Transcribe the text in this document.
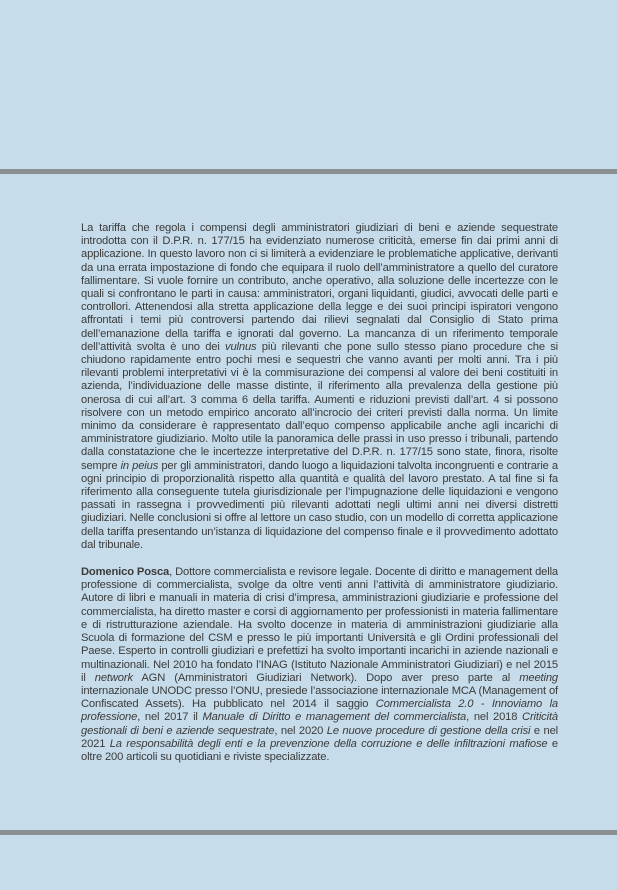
La tariffa che regola i compensi degli amministratori giudiziari di beni e aziende sequestrate introdotta con il D.P.R. n. 177/15 ha evidenziato numerose criticità, emerse fin dai primi anni di applicazione. In questo lavoro non ci si limiterà a evidenziare le problematiche applicative, derivanti da una errata impostazione di fondo che equipara il ruolo dell’amministratore a quello del curatore fallimentare. Si vuole fornire un contributo, anche operativo, alla soluzione delle incertezze con le quali si confrontano le parti in causa: amministratori, organi liquidanti, giudici, avvocati delle parti e controllori. Attenendosi alla stretta applicazione della legge e dei suoi principi ispiratori vengono affrontati i temi più controversi partendo dai rilievi segnalati dal Consiglio di Stato prima dell’emanazione della tariffa e ignorati dal governo. La mancanza di un riferimento temporale dell’attività svolta è uno dei vulnus più rilevanti che pone sullo stesso piano procedure che si chiudono rapidamente entro pochi mesi e sequestri che vanno avanti per molti anni. Tra i più rilevanti problemi interpretativi vi è la commisurazione dei compensi al valore dei beni costituiti in azienda, l’individuazione delle masse distinte, il riferimento alla prevalenza della gestione più onerosa di cui all’art. 3 comma 6 della tariffa. Aumenti e riduzioni previsti dall’art. 4 si possono risolvere con un metodo empirico ancorato all’incrocio dei criteri previsti dalla norma. Un limite minimo da considerare è rappresentato dall’equo compenso applicabile anche agli incarichi di amministratore giudiziario. Molto utile la panoramica delle prassi in uso presso i tribunali, partendo dalla constatazione che le incertezze interpretative del D.P.R. n. 177/15 sono state, finora, risolte sempre in peius per gli amministratori, dando luogo a liquidazioni talvolta incongruenti e contrarie a ogni principio di proporzionalità rispetto alla quantità e qualità del lavoro prestato. A tal fine si fa riferimento alla conseguente tutela giurisdizionale per l’impugnazione delle liquidazioni e vengono passati in rassegna i provvedimenti più rilevanti adottati negli ultimi anni nei diversi distretti giudiziari. Nelle conclusioni si offre al lettore un caso studio, con un modello di corretta applicazione della tariffa presentando un’istanza di liquidazione del compenso finale e il provvedimento adottato dal tribunale.

Domenico Posca, Dottore commercialista e revisore legale. Docente di diritto e management della professione di commercialista, svolge da oltre venti anni l’attività di amministratore giudiziario. Autore di libri e manuali in materia di crisi d’impresa, amministrazioni giudiziarie e professione del commercialista, ha diretto master e corsi di aggiornamento per professionisti in materia fallimentare e di ristrutturazione aziendale. Ha svolto docenze in materia di amministrazioni giudiziarie alla Scuola di formazione del CSM e presso le più importanti Università e gli Ordini professionali del Paese. Esperto in controlli giudiziari e prefettizi ha svolto importanti incarichi in aziende nazionali e multinazionali. Nel 2010 ha fondato l’INAG (Istituto Nazionale Amministratori Giudiziari) e nel 2015 il network AGN (Amministratori Giudiziari Network). Dopo aver preso parte al meeting internazionale UNODC presso l’ONU, presiede l’associazione internazionale MCA (Management of Confiscated Assets). Ha pubblicato nel 2014 il saggio Commercialista 2.0 - Innoviamo la professione, nel 2017 il Manuale di Diritto e management del commercialista, nel 2018 Criticità gestionali di beni e aziende sequestrate, nel 2020 Le nuove procedure di gestione della crisi e nel 2021 La responsabilità degli enti e la prevenzione della corruzione e delle infiltrazioni mafiose e oltre 200 articoli su quotidiani e riviste specializzate.
